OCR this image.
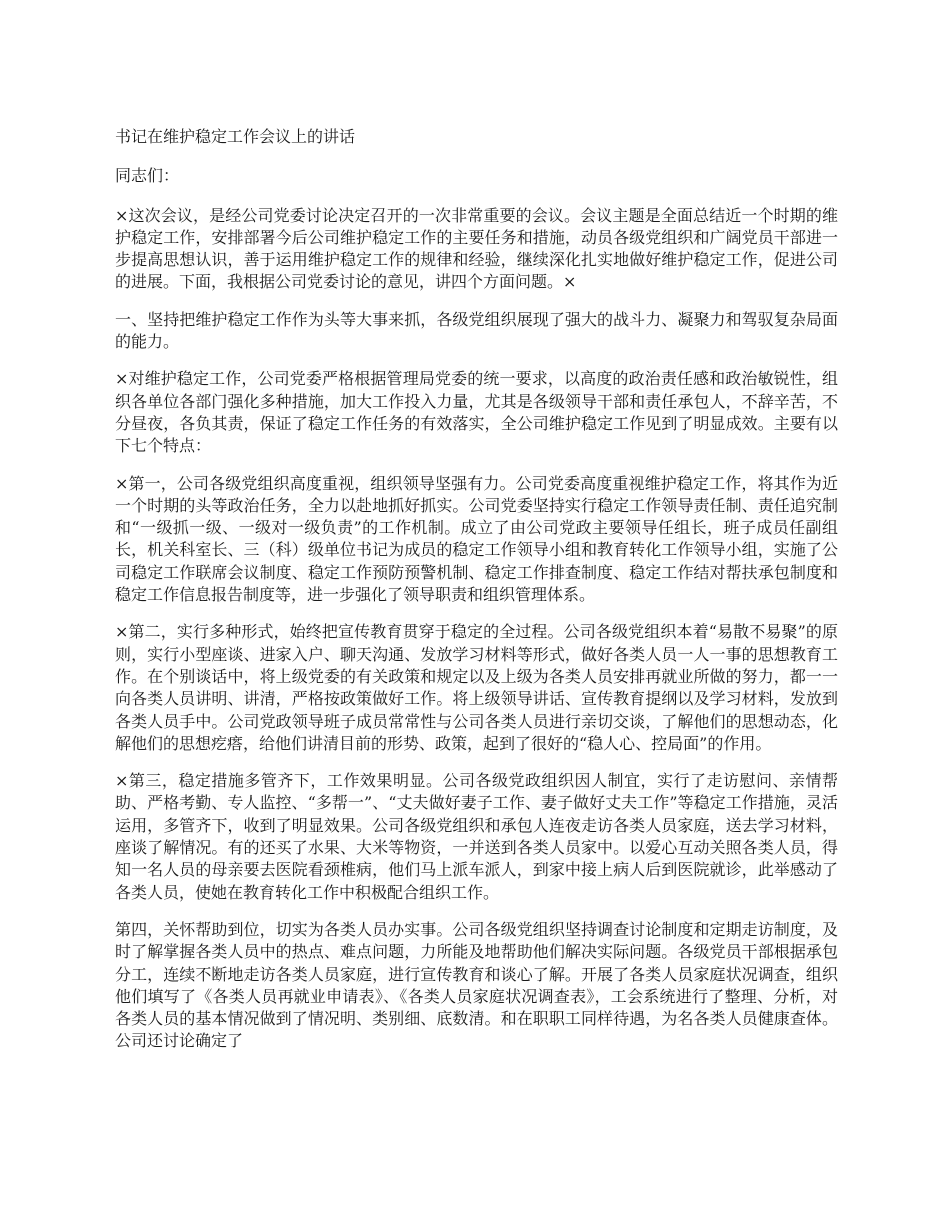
书记在维护稳定工作会议上的讲话

同志们：

×这次会议，是经公司党委讨论决定召开的一次非常重要的会议。会议主题是全面总结近一个时期的维护稳定工作，安排部署今后公司维护稳定工作的主要任务和措施，动员各级党组织和广阔党员干部进一步提高思想认识，善于运用维护稳定工作的规律和经验，继续深化扎实地做好维护稳定工作，促进公司的进展。下面，我根据公司党委讨论的意见，讲四个方面问题。×

一、坚持把维护稳定工作作为头等大事来抓，各级党组织展现了强大的战斗力、凝聚力和驾驭复杂局面的能力。

×对维护稳定工作，公司党委严格根据管理局党委的统一要求，以高度的政治责任感和政治敏锐性，组织各单位各部门强化多种措施，加大工作投入力量，尤其是各级领导干部和责任承包人，不辞辛苦，不分昼夜，各负其责，保证了稳定工作任务的有效落实，全公司维护稳定工作见到了明显成效。主要有以下七个特点：

×第一，公司各级党组织高度重视，组织领导坚强有力。公司党委高度重视维护稳定工作，将其作为近一个时期的头等政治任务，全力以赴地抓好抓实。公司党委坚持实行稳定工作领导责任制、责任追究制和“一级抓一级、一级对一级负责”的工作机制。成立了由公司党政主要领导任组长，班子成员任副组长，机关科室长、三（科）级单位书记为成员的稳定工作领导小组和教育转化工作领导小组，实施了公司稳定工作联席会议制度、稳定工作预防预警机制、稳定工作排查制度、稳定工作结对帮扶承包制度和稳定工作信息报告制度等，进一步强化了领导职责和组织管理体系。

×第二，实行多种形式，始终把宣传教育贯穿于稳定的全过程。公司各级党组织本着“易散不易聚”的原则，实行小型座谈、进家入户、聊天沟通、发放学习材料等形式，做好各类人员一人一事的思想教育工作。在个别谈话中，将上级党委的有关政策和规定以及上级为各类人员安排再就业所做的努力，都一一向各类人员讲明、讲清，严格按政策做好工作。将上级领导讲话、宣传教育提纲以及学习材料，发放到各类人员手中。公司党政领导班子成员常常性与公司各类人员进行亲切交谈，了解他们的思想动态，化解他们的思想疙瘩，给他们讲清目前的形势、政策，起到了很好的“稳人心、控局面”的作用。

×第三，稳定措施多管齐下，工作效果明显。公司各级党政组织因人制宜，实行了走访慰问、亲情帮助、严格考勤、专人监控、“多帮一”、“丈夫做好妻子工作、妻子做好丈夫工作”等稳定工作措施，灵活运用，多管齐下，收到了明显效果。公司各级党组织和承包人连夜走访各类人员家庭，送去学习材料，座谈了解情况。有的还买了水果、大米等物资，一并送到各类人员家中。以爱心互动关照各类人员，得知一名人员的母亲要去医院看颈椎病，他们马上派车派人，到家中接上病人后到医院就诊，此举感动了各类人员，使她在教育转化工作中积极配合组织工作。

第四，关怀帮助到位，切实为各类人员办实事。公司各级党组织坚持调查讨论制度和定期走访制度，及时了解掌握各类人员中的热点、难点问题，力所能及地帮助他们解决实际问题。各级党员干部根据承包分工，连续不断地走访各类人员家庭，进行宣传教育和谈心了解。开展了各类人员家庭状况调查，组织他们填写了《各类人员再就业申请表》、《各类人员家庭状况调查表》，工会系统进行了整理、分析，对各类人员的基本情况做到了情况明、类别细、底数清。和在职职工同样待遇，为名各类人员健康查体。公司还讨论确定了
